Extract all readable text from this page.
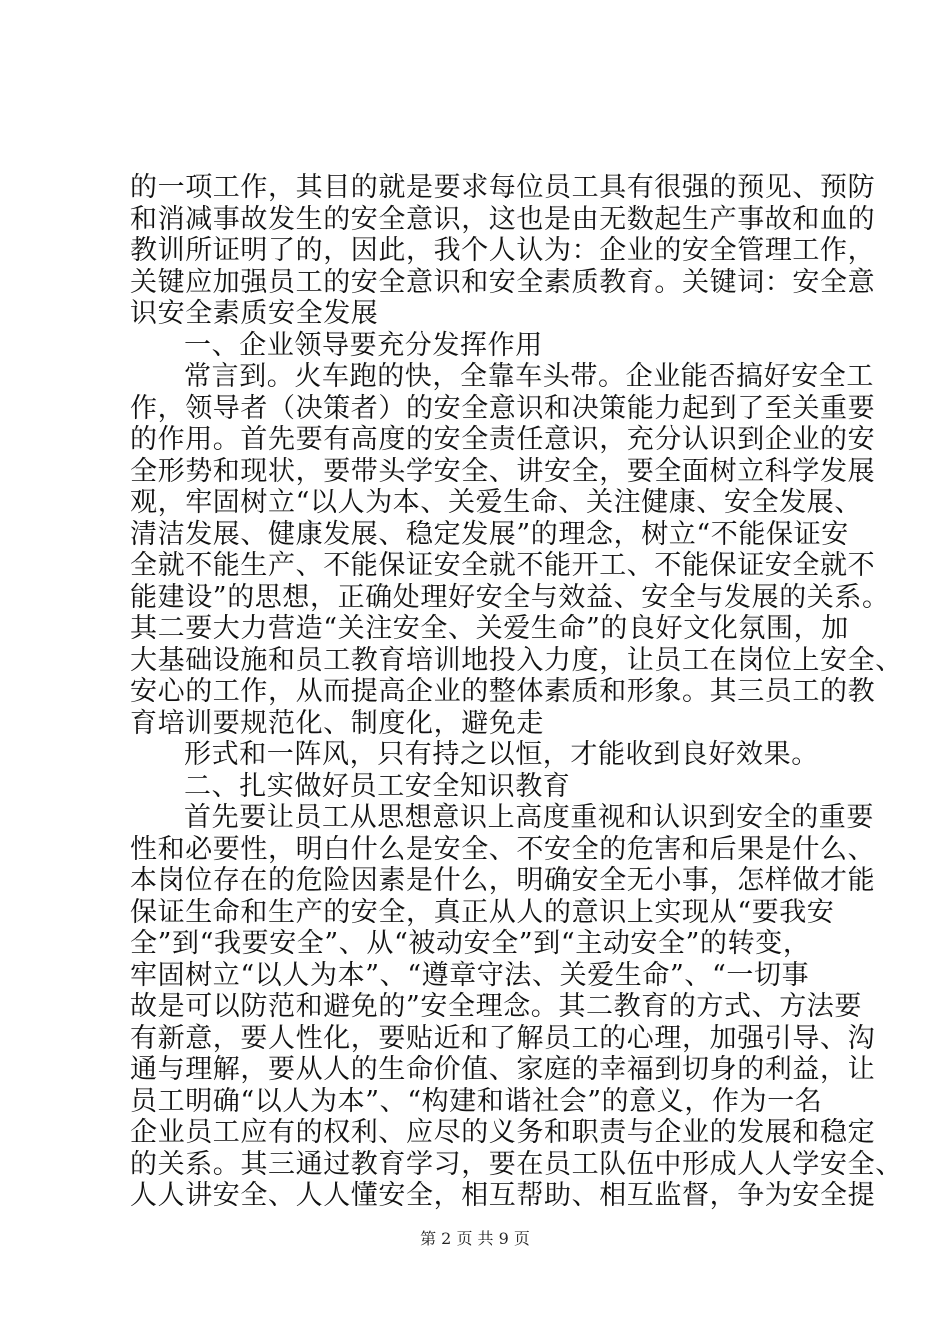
的一项工作，其目的就是要求每位员工具有很强的预见、预防
和消减事故发生的安全意识，这也是由无数起生产事故和血的
教训所证明了的，因此，我个人认为：企业的安全管理工作，
关键应加强员工的安全意识和安全素质教育。关键词：安全意
识安全素质安全发展
一、企业领导要充分发挥作用
常言到。火车跑的快，全靠车头带。企业能否搞好安全工
作，领导者（决策者）的安全意识和决策能力起到了至关重要
的作用。首先要有高度的安全责任意识，充分认识到企业的安
全形势和现状，要带头学安全、讲安全，要全面树立科学发展
观，牢固树立“以人为本、关爱生命、关注健康、安全发展、
清洁发展、健康发展、稳定发展”的理念，树立“不能保证安
全就不能生产、不能保证安全就不能开工、不能保证安全就不
能建设”的思想，正确处理好安全与效益、安全与发展的关系。
其二要大力营造“关注安全、关爱生命”的良好文化氛围，加
大基础设施和员工教育培训地投入力度，让员工在岗位上安全、
安心的工作，从而提高企业的整体素质和形象。其三员工的教
育培训要规范化、制度化，避免走
形式和一阵风，只有持之以恒，才能收到良好效果。
二、扎实做好员工安全知识教育
首先要让员工从思想意识上高度重视和认识到安全的重要
性和必要性，明白什么是安全、不安全的危害和后果是什么、
本岗位存在的危险因素是什么，明确安全无小事，怎样做才能
保证生命和生产的安全，真正从人的意识上实现从“要我安
全”到“我要安全”、从“被动安全”到“主动安全”的转变，
牢固树立“以人为本”、“遵章守法、关爱生命”、“一切事
故是可以防范和避免的”安全理念。其二教育的方式、方法要
有新意，要人性化，要贴近和了解员工的心理，加强引导、沟
通与理解，要从人的生命价值、家庭的幸福到切身的利益，让
员工明确“以人为本”、“构建和谐社会”的意义，作为一名
企业员工应有的权利、应尽的义务和职责与企业的发展和稳定
的关系。其三通过教育学习，要在员工队伍中形成人人学安全、
人人讲安全、人人懂安全，相互帮助、相互监督，争为安全提
第 2 页 共 9 页
